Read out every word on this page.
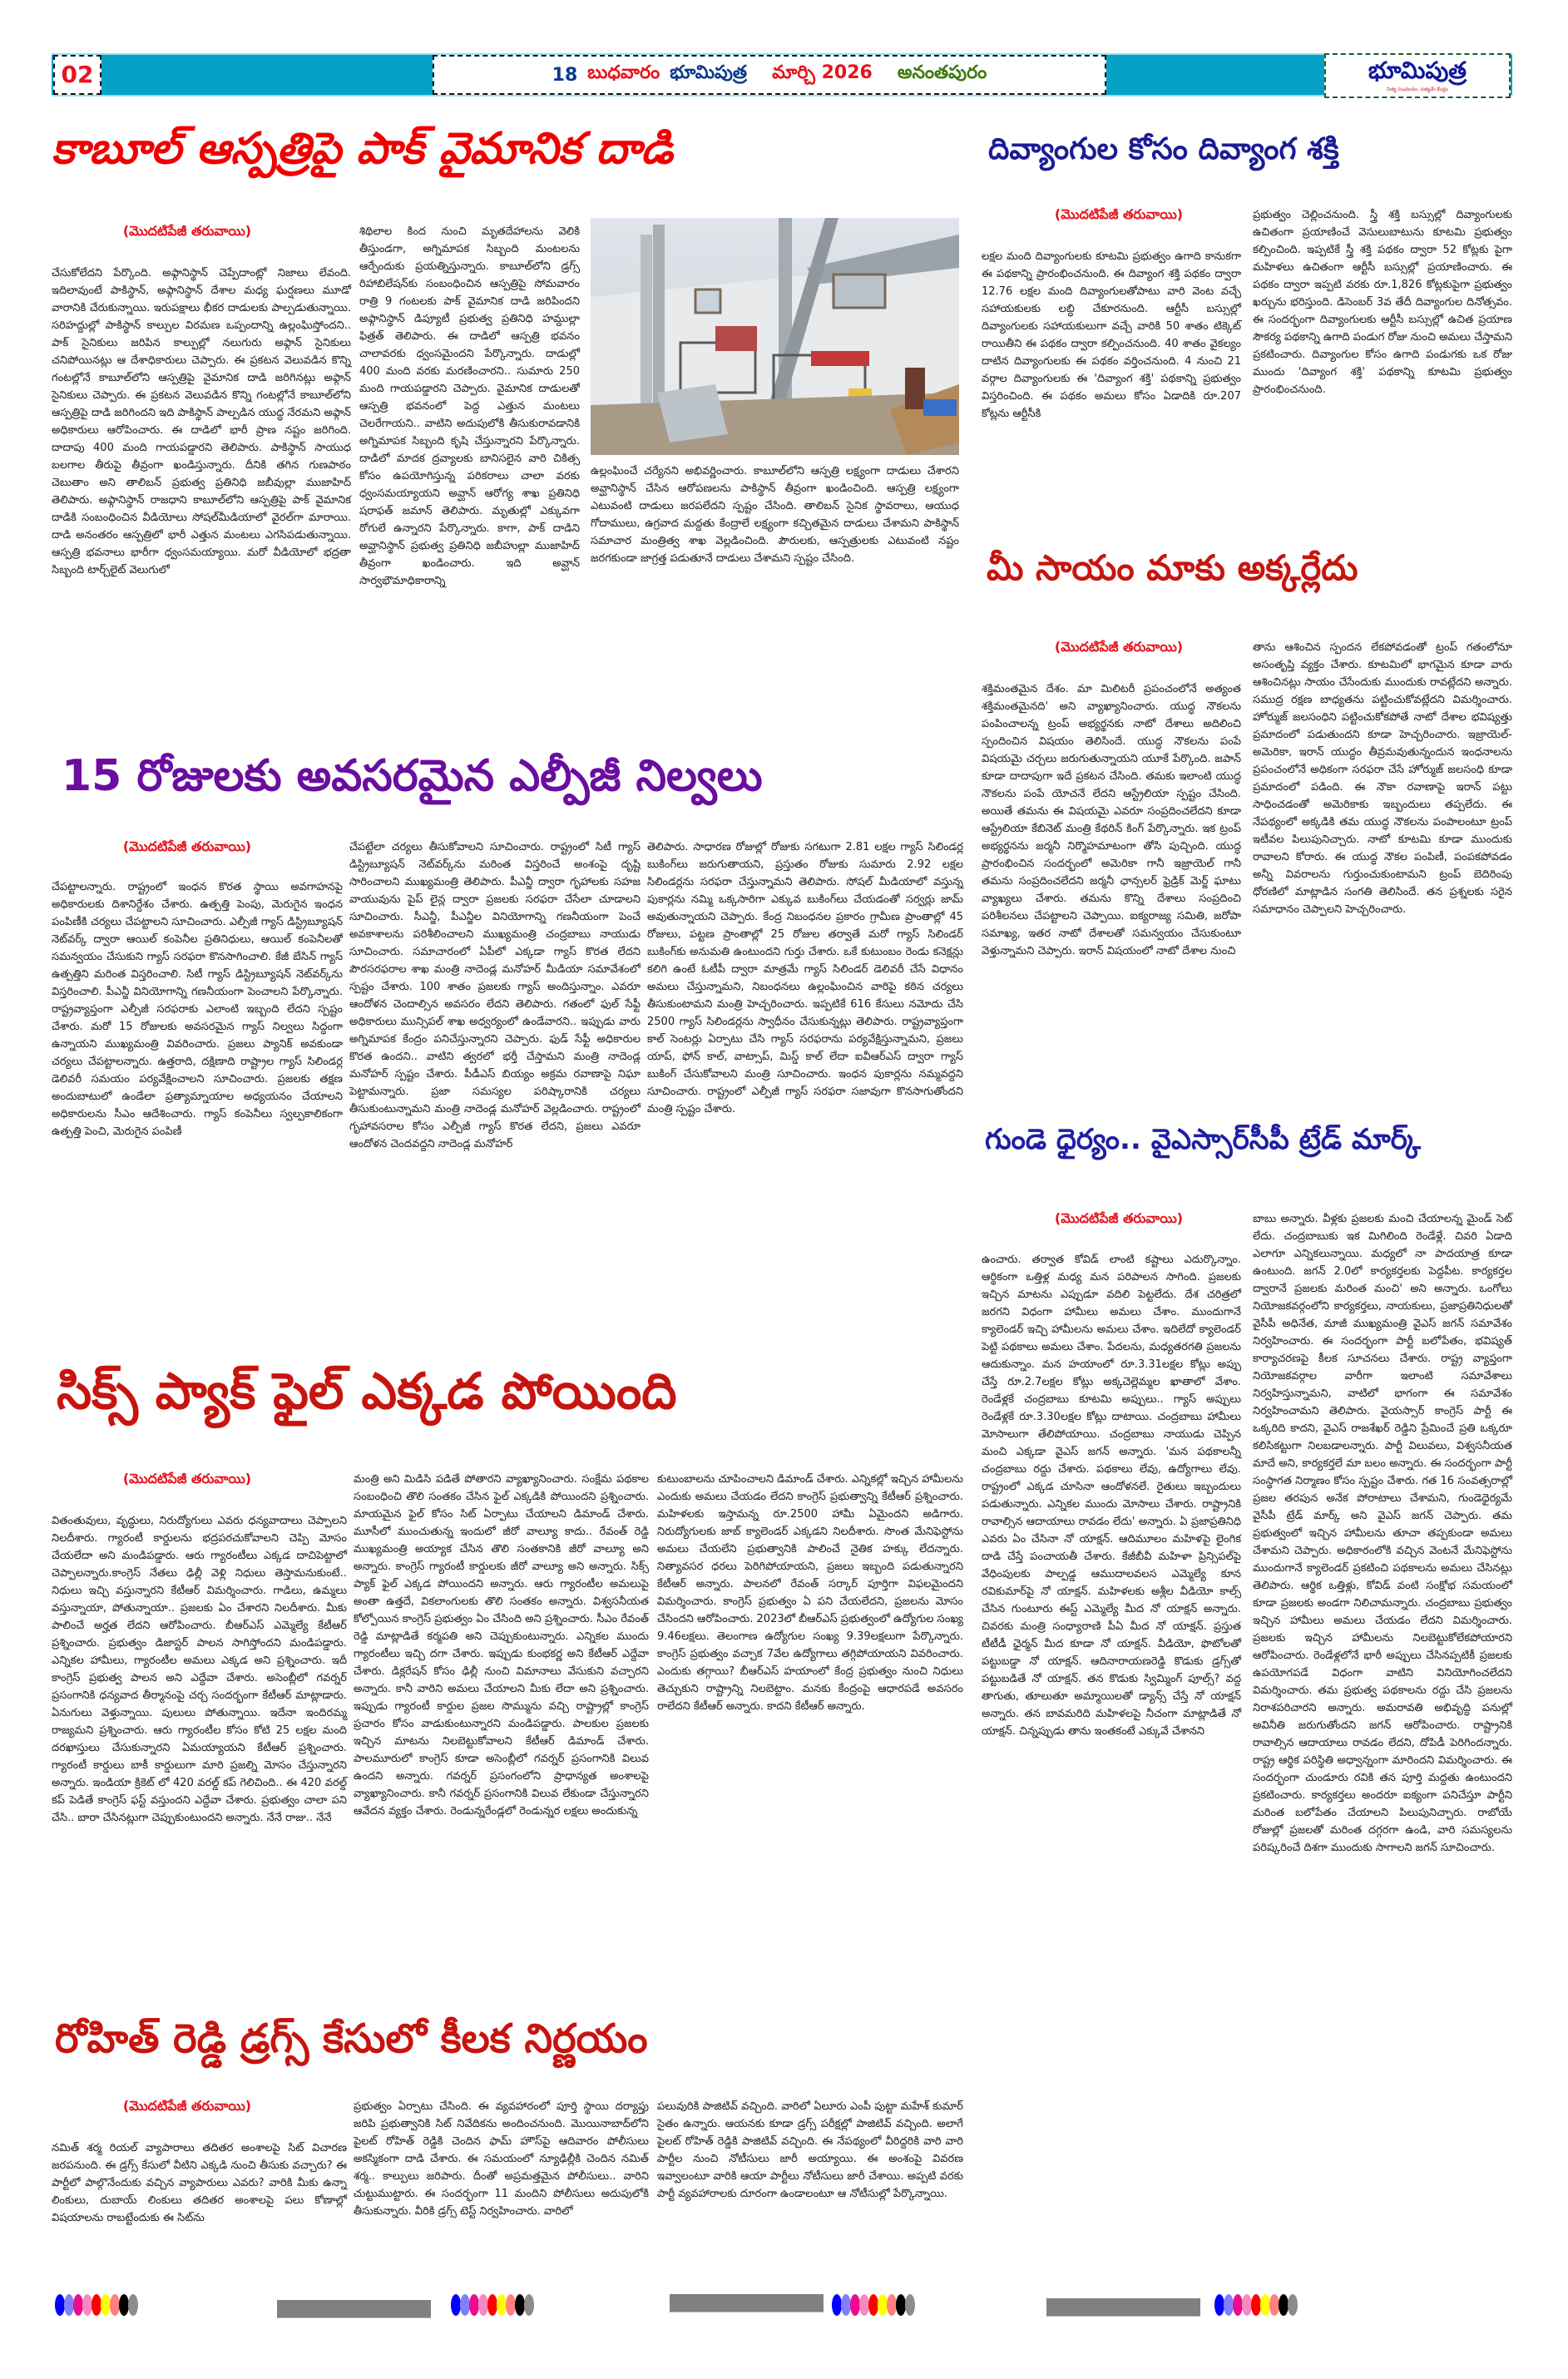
02	18 బుధవారం భూమిపుత్ర మార్చి 2026 అనంతపురం	భూమిపుత్ర
నిత్య సంచలనం, సత్యమే కేంద్రం
కాబూల్ ఆస్పత్రిపై పాక్ వైమానిక దాడి
(మొదటిపేజీ తరువాయి)
చేసుకోలేదని పేర్కొంది. అఫ్గానిస్థాన్ చెప్పేదాంట్లో నిజాలు లేవంది. ఇదిలావుంటే పాకిస్థాన్, అఫ్గానిస్థాన్ దేశాల మధ్య ఘర్షణలు మూడో వారానికి చేరుకున్నాయి. ఇరుపక్షాలు భీకర దాడులకు పాల్పడుతున్నాయి. సరిహద్దుల్లో పాకిస్థాన్ కాల్పుల విరమణ ఒప్పందాన్ని ఉల్లంఘిస్తోందని.. పాక్ సైనికులు జరిపిన కాల్పుల్లో నలుగురు అఫ్గాన్ సైనికులు చనిపోయినట్లు ఆ దేశాధికారులు చెప్పారు. ఈ ప్రకటన వెలువడిన కొన్ని గంటల్లోనే కాబూల్‌లోని ఆస్పత్రిపై వైమానిక దాడి జరిగినట్లు అఫ్గాన్ సైనికులు చెప్పారు. ఈ ప్రకటన వెలువడిన కొన్ని గంటల్లోనే కాబూల్‌లోని ఆస్పత్రిపై దాడి జరిగిందని ఇది పాకిస్థాన్ పాల్పడిన యుద్ధ నేరమని అఫ్గాన్ అధికారులు ఆరోపించారు. ఈ దాడిలో భారీ ప్రాణ నష్టం జరిగింది. దాదాపు 400 మంది గాయపడ్డారని తెలిపారు. పాకిస్థాన్ సాయుధ బలగాల తీరుపై తీవ్రంగా ఖండిస్తున్నారు. దీనికి తగిన గుణపాఠం చెబుతాం అని తాలిబన్ ప్రభుత్వ ప్రతినిధి జబీవుల్లా ముజాహిద్ తెలిపారు. అఫ్గానిస్థాన్ రాజధాని కాబూల్‌లోని ఆస్పత్రిపై పాక్ వైమానిక దాడికి సంబంధించిన వీడియోలు సోషల్‌మీడియాలో వైరల్‌గా మారాయి. దాడి అనంతరం ఆస్పత్రిలో భారీ ఎత్తున మంటలు ఎగసిపడుతున్నాయి. ఆస్పత్రి భవనాలు భారీగా ధ్వంసమయ్యాయి. మరో వీడియోలో భద్రతా సిబ్బంది టార్చ్‌లైట్ వెలుగులో
శిథిలాల కింద నుంచి మృతదేహాలను వెలికి తీస్తుండగా, అగ్నిమాపక సిబ్బంది మంటలను ఆర్పేందుకు ప్రయత్నిస్తున్నారు. కాబూల్‌లోని డ్రగ్స్ రిహాబిలేషన్‌కు సంబంధించిన ఆస్పత్రిపై సోమవారం రాత్రి 9 గంటలకు పాక్ వైమానిక దాడి జరిపిందని అఫ్గానిస్థాన్ డిప్యూటీ ప్రభుత్వ ప్రతినిధి హమ్దుల్లా ఫిత్రత్ తెలిపారు. ఈ దాడిలో ఆస్పత్రి భవనం చాలావరకు ధ్వంసమైందని పేర్కొన్నారు. దాడుల్లో 400 మంది వరకు మరణించారని.. సుమారు 250 మంది గాయపడ్డారని చెప్పారు. వైమానిక దాడులతో ఆస్పత్రి భవనంలో పెద్ద ఎత్తున మంటలు చెలరేగాయని.. వాటిని అదుపులోకి తీసుకురావడానికి అగ్నిమాపక సిబ్బంది కృషి చేస్తున్నారని పేర్కొన్నారు. దాడిలో మాదక ద్రవ్యాలకు బానిసలైన వారి చికిత్స కోసం ఉపయోగిస్తున్న పరికరాలు చాలా వరకు ధ్వంసమయ్యాయని అవ్ఘాన్ ఆరోగ్య శాఖ ప్రతినిధి షరాఫత్ జమాన్ తెలిపారు. మృతుల్లో ఎక్కువగా రోగులే ఉన్నారని పేర్కొన్నారు. కాగా, పాక్ దాడిని అవ్ఘానిస్థాన్ ప్రభుత్వ ప్రతినిధి జబీహుల్లా ముజాహిద్ తీవ్రంగా ఖండించారు. ఇది అవ్ఘాన్ సార్వభౌమాధికారాన్ని
ఉల్లంఘించే చర్యేనని అభివర్ణించారు. కాబూల్‌లోని ఆస్పత్రి లక్ష్యంగా దాడులు చేశారని అవ్ఘానిస్థాన్ చేసిన ఆరోపణలను పాకిస్థాన్ తీవ్రంగా ఖండించింది. ఆస్పత్రి లక్ష్యంగా ఎటువంటి దాడులు జరపలేదని స్పష్టం చేసింది. తాలిబన్ సైనిక స్థావరాలు, ఆయుధ గోదాములు, ఉగ్రవాద మద్దతు కేంద్రాలే లక్ష్యంగా కచ్చితమైన దాడులు చేశామని పాకిస్థాన్ సమాచార మంత్రిత్వ శాఖ వెల్లడించింది. పౌరులకు, ఆస్పత్రులకు ఎటువంటి నష్టం జరగకుండా జాగ్రత్త పడుతూనే దాడులు చేశామని స్పష్టం చేసింది.
దివ్యాంగుల కోసం దివ్యాంగ శక్తి
(మొదటిపేజీ తరువాయి)
లక్షల మంది దివ్యాంగులకు కూటమి ప్రభుత్వం ఉగాది కానుకగా ఈ పథకాన్ని ప్రారంభించనుంది. ఈ దివ్యాంగ శక్తి పథకం ద్వారా 12.76 లక్షల మంది దివ్యాంగులతోపాటు వారి వెంట వచ్చే సహాయకులకు లబ్ధి చేకూరనుంది. ఆర్టీసీ బస్సుల్లో దివ్యాంగులకు సహాయకులుగా వచ్చే వారికి 50 శాతం టిక్కెట్ రాయితీని ఈ పథకం ద్వారా కల్పించనుంది. 40 శాతం వైకల్యం దాటిన దివ్యాంగులకు ఈ పథకం వర్తించనుంది. 4 నుంచి 21 వర్గాల దివ్యాంగులకు ఈ 'దివ్యాంగ శక్తి' పథకాన్ని ప్రభుత్వం విస్తరించింది. ఈ పథకం అమలు కోసం ఏడాదికి రూ.207 కోట్లను ఆర్టీసీకి
ప్రభుత్వం చెల్లించనుంది. స్త్రీ శక్తి బస్సుల్లో దివ్యాంగులకు ఉచితంగా ప్రయాణించే వెసులుబాటును కూటమి ప్రభుత్వం కల్పించింది. ఇప్పటికే స్త్రీ శక్తి పథకం ద్వారా 52 కోట్లకు పైగా మహిళలు ఉచితంగా ఆర్టీసీ బస్సుల్లో ప్రయాణించారు. ఈ పథకం ద్వారా ఇప్పటి వరకు రూ.1,826 కోట్లకుపైగా ప్రభుత్వం ఖర్చును భరిస్తుంది. డిసెంబర్ 3వ తేదీ దివ్యాంగుల దినోత్సవం. ఈ సందర్భంగా దివ్యాంగులకు ఆర్టీసీ బస్సుల్లో ఉచిత ప్రయాణ సౌకర్య పథకాన్ని ఉగాది పండుగ రోజు నుంచి అమలు చేస్తామని ప్రకటించారు. దివ్యాంగుల కోసం ఉగాది పండుగకు ఒక రోజు ముందు 'దివ్యాంగ శక్తి' పథకాన్ని కూటమి ప్రభుత్వం ప్రారంభించనుంది.
మీ సాయం మాకు అక్కర్లేదు
(మొదటిపేజీ తరువాయి)
శక్తిమంతమైన దేశం. మా మిలిటరీ ప్రపంచంలోనే అత్యంత శక్తిమంతమైనది' అని వ్యాఖ్యానించారు. యుద్ధ నౌకలను పంపించాలన్న ట్రంప్ అభ్యర్థనకు నాటో దేశాలు అదిలించి స్పందించిన విషయం తెలిసిందే. యుద్ధ నౌకలను పంపే విషయమై చర్చలు జరుగుతున్నాయని యూకే పేర్కొంది. జపాన్ కూడా దాదాపుగా ఇదే ప్రకటన చేసింది. తమకు ఇలాంటి యుద్ధ నౌకలను పంపే యోచనే లేదని ఆస్ట్రేలియా స్పష్టం చేసింది. అయితే తమను ఈ విషయమై ఎవరూ సంప్రదించలేదని కూడా ఆస్ట్రేలియా కేబినెట్ మంత్రి కేథరిన్ కింగ్ పేర్కొన్నారు. ఇక ట్రంప్ అభ్యర్థనను జర్మనీ నిర్మొహమాటంగా తోసి పుచ్చింది. యుద్ధ ప్రారంభించిన సందర్భంలో అమెరికా గానీ ఇజ్రాయెల్ గానీ తమను సంప్రదించలేదని జర్మనీ ఛాన్సలర్ ఫ్రెడ్రిక్ మెర్జ్ ఘాటు వ్యాఖ్యలు చేశారు. తమను కొన్ని దేశాలు సంప్రదించి పరిశీలనలు చేపట్టాలని చెప్పాయి. ఐక్యరాజ్య సమితి, జరోపా సమాఖ్య, ఇతర నాటో దేశాలతో సమన్వయం చేసుకుంటూ వెళ్తున్నామని చెప్పారు. ఇరాన్ విషయంలో నాటో దేశాల నుంచి
తాను ఆశించిన స్పందన లేకపోవడంతో ట్రంప్ గతంలోనూ అసంతృప్తి వ్యక్తం చేశారు. కూటమిలో భాగమైన కూడా వారు ఆశించినట్లు సాయం చేసేందుకు ముందుకు రావట్లేదని అన్నారు. సముద్ర రక్షణ బాధ్యతను పట్టించుకోవట్లేదని విమర్శించారు. హోర్ముజ్ జలసంధిని పట్టించుకోకపోతే నాటో దేశాల భవిష్యత్తు ప్రమాదంలో పడుతుందని కూడా హెచ్చరించారు. ఇజ్రాయెల్-అమెరికా, ఇరాన్ యుద్ధం తీవ్రమవుతున్నందున ఇంధనాలను ప్రపంచంలోనే అధికంగా సరఫరా చేసే హోర్ముజ్ జలసంధి కూడా ప్రమాదంలో పడింది. ఈ నౌకా రవాణాపై ఇరాన్ పట్టు సాధించడంతో అమెరికాకు ఇబ్బందులు తప్పలేదు. ఈ నేపథ్యంలో అక్కడికి తమ యుద్ధ నౌకలను పంపాలంటూ ట్రంప్ ఇటీవల పిలుపునిచ్చారు. నాటో కూటమి కూడా ముందుకు రావాలని కోరారు. ఈ యుద్ధ నౌకల పంపిణీ, పంపకపోవడం అన్నీ వివరాలను గుర్తుంచుకుంటామని ట్రంప్ బెదిరింపు ధోరణిలో మాట్లాడిన సంగతి తెలిసిందే. తన ప్రశ్నలకు సరైన సమాధానం చెప్పాలని హెచ్చరించారు.
15 రోజులకు అవసరమైన ఎల్పీజీ నిల్వలు
(మొదటిపేజీ తరువాయి)
చేపట్టాలన్నారు. రాష్ట్రంలో ఇంధన కొరత స్థాయి అవగాహనపై అధికారులకు దిశానిర్దేశం చేశారు. ఉత్పత్తి పెంపు, మెరుగైన ఇంధన పంపిణీకి చర్యలు చేపట్టాలని సూచించారు. ఎల్పీజీ గ్యాస్ డిస్ట్రిబ్యూషన్ నెట్‌వర్క్ ద్వారా ఆయిల్ కంపెనీల ప్రతినిధులు, ఆయిల్ కంపెనీలతో సమన్వయం చేసుకుని గ్యాస్ సరఫరా కొనసాగించాలి. కేజీ బేసిన్ గ్యాస్ ఉత్పత్తిని మరింత విస్తరించాలి. సిటీ గ్యాస్ డిస్ట్రిబ్యూషన్ నెట్‌వర్క్‌ను విస్తరించాలి. పీఎన్జీ వినియోగాన్ని గణనీయంగా పెంచాలని పేర్కొన్నారు. రాష్ట్రవ్యాప్తంగా ఎల్పీజీ సరఫరాకు ఎలాంటి ఇబ్బంది లేదని స్పష్టం చేశారు. మరో 15 రోజులకు అవసరమైన గ్యాస్ నిల్వలు సిద్ధంగా ఉన్నాయని ముఖ్యమంత్రి వివరించారు. ప్రజలు ప్యానిక్ అవకుండా చర్యలు చేపట్టాలన్నారు. ఉత్తరాది, దక్షిణాది రాష్ట్రాల గ్యాస్ సిలిండర్ల డెలివరీ సమయం పర్యవేక్షించాలని సూచించారు. ప్రజలకు తక్షణ అందుబాటులో ఉండేలా ప్రత్యామ్నాయాల అధ్యయనం చేయాలని అధికారులను సీఎం ఆదేశించారు. గ్యాస్ కంపెనీలు స్వల్పకాలికంగా ఉత్పత్తి పెంచి, మెరుగైన పంపిణీ
చేపట్టేలా చర్యలు తీసుకోవాలని సూచించారు. రాష్ట్రంలో సిటీ గ్యాస్ డిస్ట్రిబ్యూషన్ నెట్‌వర్క్‌ను మరింత విస్తరించే అంశంపై దృష్టి సారించాలని ముఖ్యమంత్రి తెలిపారు. పీఎన్జీ ద్వారా గృహాలకు సహజ వాయువును పైప్ లైన్ల ద్వారా ప్రజలకు సరఫరా చేసేలా చూడాలని సూచించారు. సీఎన్జీ, పీఎన్జీల వినియోగాన్ని గణనీయంగా పెంచే అవకాశాలను పరిశీలించాలని ముఖ్యమంత్రి చంద్రబాబు నాయుడు సూచించారు. సమాచారంలో ఏపీలో ఎక్కడా గ్యాస్ కొరత లేదని పౌరసరఫరాల శాఖ మంత్రి నాదెండ్ల మనోహర్ మీడియా సమావేశంలో స్పష్టం చేశారు. 100 శాతం ప్రజలకు గ్యాస్ అందిస్తున్నాం. ఎవరూ ఆందోళన చెందాల్సిన అవసరం లేదని తెలిపారు. గతంలో ఫుల్ సేఫ్టీ అధికారులు మున్సిపల్ శాఖ అధ్వర్యంలో ఉండేవారని.. ఇప్పుడు వారు అగ్నిమాపక కేంద్రం పనిచేస్తున్నారని చెప్పారు. ఫుడ్ సేఫ్టీ అధికారుల కొరత ఉందని.. వాటిని త్వరలో భర్తీ చేస్తామని మంత్రి నాదెండ్ల మనోహర్ స్పష్టం చేశారు. పీడీఎస్ బియ్యం అక్రమ రవాణాపై నిఘా పెట్టామన్నారు. ప్రజా సమస్యల పరిష్కారానికి చర్యలు తీసుకుంటున్నామని మంత్రి నాదెండ్ల మనోహర్ వెల్లడించారు. రాష్ట్రంలో గృహావసరాల కోసం ఎల్పీజీ గ్యాస్ కొరత లేదని, ప్రజలు ఎవరూ ఆందోళన చెందవద్దని నాదెండ్ల మనోహర్
తెలిపారు. సాధారణ రోజుల్లో రోజుకు సగటుగా 2.81 లక్షల గ్యాస్ సిలిండర్ల బుకింగ్‌లు జరుగుతాయని, ప్రస్తుతం రోజుకు సుమారు 2.92 లక్షల సిలిండర్లను సరఫరా చేస్తున్నామని తెలిపారు. సోషల్ మీడియాలో వస్తున్న పుకార్లను నమ్మి ఒక్కసారిగా ఎక్కువ బుకింగ్‌లు చేయడంతో సర్వర్లు జామ్ అవుతున్నాయని చెప్పారు. కేంద్ర నిబంధనల ప్రకారం గ్రామీణ ప్రాంతాల్లో 45 రోజులు, పట్టణ ప్రాంతాల్లో 25 రోజుల తర్వాతే మరో గ్యాస్ సిలిండర్ బుకింగ్‌కు అనుమతి ఉంటుందని గుర్తు చేశారు. ఒకే కుటుంబం రెండు కనెక్షన్లు కలిగి ఉంటే ఓటీపీ ద్వారా మాత్రమే గ్యాస్ సిలిండర్ డెలివరీ చేసే విధానం అమలు చేస్తున్నామని, నిబంధనలు ఉల్లంఘించిన వారిపై కఠిన చర్యలు తీసుకుంటామని మంత్రి హెచ్చరించారు. ఇప్పటికే 616 కేసులు నమోదు చేసి 2500 గ్యాస్ సిలిండర్లను స్వాధీనం చేసుకున్నట్లు తెలిపారు. రాష్ట్రవ్యాప్తంగా కాల్ సెంటర్లు ఏర్పాటు చేసి గ్యాస్ సరఫరాను పర్యవేక్షిస్తున్నామని, ప్రజలు యాప్, ఫోన్ కాల్, వాట్సాప్, మిస్డ్ కాల్ లేదా ఐవీఆర్ఎస్ ద్వారా గ్యాస్ బుకింగ్ చేసుకోవాలని మంత్రి సూచించారు. ఇంధన పుకార్లను నమ్మవద్దని సూచించారు. రాష్ట్రంలో ఎల్పీజీ గ్యాస్ సరఫరా సజావుగా కొనసాగుతోందని మంత్రి స్పష్టం చేశారు.
గుండె ధైర్యం.. వైఎస్సార్‌సీపీ ట్రేడ్ మార్క్
(మొదటిపేజీ తరువాయి)
ఉంచారు. తర్వాత కోవిడ్ లాంటి కష్టాలు ఎదుర్కొన్నాం. ఆర్థికంగా ఒత్తిళ్ల మధ్య మన పరిపాలన సాగింది. ప్రజలకు ఇచ్చిన మాటను ఎప్పుడూ వదిలి పెట్టలేదు. దేశ చరిత్రలో జరగని విధంగా హామీలు అమలు చేశాం. ముందుగానే క్యాలెండర్ ఇచ్చి హామీలను అమలు చేశాం. ఇదిలేదో క్యాలెండర్ పెట్టి పథకాలు అమలు చేశాం. పేదలను, మధ్యతరగతి ప్రజలను ఆదుకున్నాం. మన హయాంలో రూ.3.31లక్షల కోట్లు అప్పు చేస్తే రూ.2.7లక్షల కోట్లు అక్కచెల్లెమ్మల ఖాతాలో వేశాం. రెండేళ్లకే చంద్రబాబు కూటమి అప్పులు.. గ్యాస్ అప్పులు రెండేళ్లకే రూ.3.30లక్షల కోట్లు దాటాయి. చంద్రబాబు హామీలు మోసాలుగా తేలిపోయాయి. చంద్రబాబు నాయుడు చెప్పిన మంచి ఎక్కడా వైఎస్ జగన్ అన్నారు. 'మన పథకాలన్నీ చంద్రబాబు రద్దు చేశారు. పథకాలు లేవు, ఉద్యోగాలు లేవు. రాష్ట్రంలో ఎక్కడ చూసినా ఆందోళనలే. రైతులు ఇబ్బందులు పడుతున్నారు. ఎన్నికల ముందు మోసాలు చేశారు. రాష్ట్రానికి రావాల్సిన ఆదాయాలు రావడం లేదు' అన్నారు. ఏ ప్రజాప్రతినిధి ఎవరు ఏం చేసినా నో యాక్షన్. ఆదిమూలం మహిళపై లైంగిక దాడి చేస్తే పంచాయతీ చేశారు. కేజీబీవీ మహిళా ప్రిన్సిపల్‌పై వేధింపులకు పాల్పడ్డ ఆముదాలవలస ఎమ్మెల్యే కూన రవికుమార్‌పై నో యాక్షన్. మహిళలకు అశ్లీల వీడియో కాల్స్ చేసిన గుంటూరు ఈస్ట్ ఎమ్మెల్యే మీద నో యాక్షన్ అన్నారు. చివరకు మంత్రి సంధ్యారాణి పీఏ మీద నో యాక్షన్. ప్రస్తుత టీటీడీ ఛైర్మన్ మీద కూడా నో యాక్షన్. వీడియో, ఫొటోలతో పట్టుబడ్డా నో యాక్షన్. ఆదినారాయణరెడ్డి కొడుకు డ్రగ్స్‌తో పట్టుబడితే నో యాక్షన్. తన కొడుకు స్విమ్మింగ్ పూల్స్? వద్ద తాగుతు, తూలుతూ అమ్మాయిలతో డ్యాన్స్ చేస్తే నో యాక్షన్ అన్నారు. తన బావమరిది మహిళలపై నీచంగా మాట్లాడితే నో యాక్షన్. చిన్నప్పుడు తాను ఇంతకంటే ఎక్కువే చేశానని
బాబు అన్నారు. వీళ్లకు ప్రజలకు మంచి చేయాలన్న మైండ్ సెట్ లేదు. చంద్రబాబుకు ఇక మిగిలింది రెండేళ్లే. చివరి ఏడాది ఎలాగూ ఎన్నికలున్నాయి. మధ్యలో నా పాదయాత్ర కూడా ఉంటుంది. జగన్ 2.0లో కార్యకర్తలకు పెద్దపీట. కార్యకర్తల ద్వారానే ప్రజలకు మరింత మంచి' అని అన్నారు. ఒంగోలు నియోజకవర్గంలోని కార్యకర్తలు, నాయకులు, ప్రజాప్రతినిధులతో వైసీపీ అధినేత, మాజీ ముఖ్యమంత్రి వైఎస్ జగన్ సమావేశం నిర్వహించారు. ఈ సందర్భంగా పార్టీ బలోపేతం, భవిష్యత్ కార్యాచరణపై కీలక సూచనలు చేశారు. రాష్ట్ర వ్యాప్తంగా నియోజకవర్గాల వారీగా ఇలాంటి సమావేశాలు నిర్వహిస్తున్నామని, వాటిలో భాగంగా ఈ సమావేశం నిర్వహించామని తెలిపారు. వైయస్సార్ కాంగ్రెస్ పార్టీ ఈ ఒక్కరిది కాదని, వైఎస్ రాజశేఖర్ రెడ్డిని ప్రేమించే ప్రతి ఒక్కరూ కలిసికట్టుగా నిలబడాలన్నారు. పార్టీ విలువలు, విశ్వసనీయత మాదే అని, కార్యకర్తలే మా బలం అన్నారు. ఈ సందర్భంగా పార్టీ సంస్థాగత నిర్మాణం కోసం స్పష్టం చేశారు. గత 16 సంవత్సరాల్లో ప్రజల తరపున అనేక పోరాటాలు చేశామని, గుండెధైర్యమే వైసీపీ ట్రేడ్ మార్క్ అని వైఎస్ జగన్ చెప్పారు. తమ ప్రభుత్వంలో ఇచ్చిన హామీలను తూచా తప్పకుండా అమలు చేశామని చెప్పారు. అధికారంలోకి వచ్చిన వెంటనే మేనిఫెస్టోను ముందుగానే క్యాలెండర్ ప్రకటించి పథకాలను అమలు చేసినట్లు తెలిపారు. ఆర్థిక ఒత్తిళ్లు, కోవిడ్ వంటి సంక్షోభ సమయంలో కూడా ప్రజలకు అండగా నిలిచామన్నారు. చంద్రబాబు ప్రభుత్వం ఇచ్చిన హామీలు అమలు చేయడం లేదని విమర్శించారు. ప్రజలకు ఇచ్చిన హామీలను నిలబెట్టుకోలేకపోయారని ఆరోపించారు. రెండేళ్లలోనే భారీ అప్పులు చేసినప్పటికీ ప్రజలకు ఉపయోగపడే విధంగా వాటిని వినియోగించలేదని విమర్శించారు. తమ ప్రభుత్వ పథకాలను రద్దు చేసి ప్రజలను నిరాశపరిచారని అన్నారు. అమరావతి అభివృద్ధి పనుల్లో అవినీతి జరుగుతోందని జగన్ ఆరోపించారు. రాష్ట్రానికి రావాల్సిన ఆదాయాలు రావడం లేదని, దోపిడీ పెరిగిందన్నారు. రాష్ట్ర ఆర్థిక పరిస్థితి అధ్వాన్నంగా మారిందని విమర్శించారు. ఈ సందర్భంగా చుండూరు రవికి తన పూర్తి మద్దతు ఉంటుందని ప్రకటించారు. కార్యకర్తలు అందరూ ఐక్యంగా పనిచేస్తూ పార్టీని మరింత బలోపేతం చేయాలని పిలుపునిచ్చారు. రాబోయే రోజుల్లో ప్రజలతో మరింత దగ్గరగా ఉండి, వారి సమస్యలను పరిష్కరించే దిశగా ముందుకు సాగాలని జగన్ సూచించారు.
సిక్స్ ప్యాక్ ఫైల్ ఎక్కడ పోయింది
(మొదటిపేజీ తరువాయి)
వితంతువులు, వృద్ధులు, నిరుద్యోగులు ఎవరు ధన్యవాదాలు చెప్పాలని నిలదీశారు. గ్యారంటీ కార్డులను భద్రపరచుకోవాలని చెప్పి మోసం చేయలేదా అని మండిపడ్డారు. ఆరు గ్యారంటీలు ఎక్కడ దాచిపెట్టాలో చెప్పాలన్నారు.కాంగ్రెస్ నేతలు ఢిల్లీ వెళ్లి నిధులు తెస్తామనుకుంటే.. నిధులు ఇచ్చి వస్తున్నారని కేటీఆర్ విమర్శించారు. గాడిలు, ఉమ్మలు వస్తున్నాయా, పోతున్నాయా.. ప్రజలకు ఏం చేశారని నిలదీశారు. మీకు పాలించే అర్హత లేదని ఆరోపించారు. బీఆర్ఎస్ ఎమ్మెల్యే కేటీఆర్ ప్రశ్నించారు. ప్రభుత్వం డిజాస్టర్ పాలన సాగిస్తోందని మండిపడ్డారు. ఎన్నికల హామీలు, గ్యారంటీల అమలు ఎక్కడ అని ప్రశ్నించారు. ఇదీ కాంగ్రెస్ ప్రభుత్వ పాలన అని ఎద్దేవా చేశారు. అసెంబ్లీలో గవర్నర్ ప్రసంగానికి ధన్యవాద తీర్మానంపై చర్చ సందర్భంగా కేటీఆర్ మాట్లాడారు. ఏనుగులు వెళ్తున్నాయి. పులులు పోతున్నాయి. ఇదేనా ఇందిరమ్మ రాజ్యమని ప్రశ్నించారు. ఆరు గ్యారంటీల కోసం కోటి 25 లక్షల మంది దరఖాస్తులు చేసుకున్నారని ఏమయ్యాయని కేటీఆర్ ప్రశ్నించారు. గ్యారంటీ కార్డులు బాకీ కార్డులుగా మారి ప్రజల్ని మోసం చేస్తున్నారని అన్నారు. ఇండియా క్రికెట్ లో 420 వరల్డ్ కప్ గెలిచింది.. ఈ 420 వరల్డ్ కప్ పెడితే కాంగ్రెస్ ఫస్ట్ వస్తుందని ఎద్దేవా చేశారు. ప్రభుత్వం చాలా పని చేసి.. బారా చేసినట్లుగా చెప్పుకుంటుందని అన్నారు. నేనే రాజు.. నేనే
మంత్రి అని మిడిసి పడితే పోతారని వ్యాఖ్యానించారు. సంక్షేమ పథకాల సంబంధించి తొలి సంతకం చేసిన ఫైల్ ఎక్కడికి పోయిందని ప్రశ్నించారు. మాయమైన ఫైల్ కోసం సిట్ ఏర్పాటు చేయాలని డిమాండ్ చేశారు. మూసీలో ముంచుతున్న ఇందులో జీరో వాల్యూ కాదు.. రేవంత్ రెడ్డి ముఖ్యమంత్రి అయ్యాక చేసిన తొలి సంతకానికి జీరో వాల్యూ అని అన్నారు. కాంగ్రెస్ గ్యారంటీ కార్డులకు జీరో వాల్యూ అని అన్నారు. సిక్స్ ప్యాక్ ఫైల్ ఎక్కడ పోయిందని అన్నారు. ఆరు గ్యారంటీల అమలుపై అంతా ఉత్తదే, వికలాంగులకు తొలి సంతకం అన్నారు. విశ్వసనీయత కోల్పోయిన కాంగ్రెస్ ప్రభుత్వం ఏం చేసింది అని ప్రశ్నించారు. సీఎం రేవంత్ రెడ్డి మాట్లాడితే కర్మపతి అని చెప్పుకుంటున్నారు. ఎన్నికల ముందు గ్యారంటీలు ఇచ్చి దగా చేశారు. ఇప్పుడు కుంభకర్ణ అని కేటీఆర్ ఎద్దేవా చేశారు. డిక్లరేషన్ కోసం ఢిల్లీ నుంచి విమానాలు వేసుకుని వచ్చారని అన్నారు. కానీ వారిని అమలు చేయాలని మీకు లేదా అని ప్రశ్నించారు. ఇప్పుడు గ్యారంటీ కార్డుల ప్రజల సొమ్మును వచ్చి రాష్ట్రాల్లో కాంగ్రెస్ ప్రచారం కోసం వాడుకుంటున్నారని మండిపడ్డారు. పాలకుల ప్రజలకు ఇచ్చిన మాటను నిలబెట్టుకోవాలని కేటీఆర్ డిమాండ్ చేశారు. పాలమూరులో కాంగ్రెస్ కూడా అసెంబ్లీలో గవర్నర్ ప్రసంగానికి విలువ ఉందని అన్నారు. గవర్నర్ ప్రసంగంలోని ప్రాధాన్యత అంశాలపై వ్యాఖ్యానించారు. కానీ గవర్నర్ ప్రసంగానికి విలువ లేకుండా చేస్తున్నారని ఆవేదన వ్యక్తం చేశారు. రెండున్నరేండ్లలో రెండున్నర లక్షలు అందుకున్న
కుటుంబాలను చూపించాలని డిమాండ్ చేశారు. ఎన్నికల్లో ఇచ్చిన హామీలను ఎందుకు అమలు చేయడం లేదని కాంగ్రెస్ ప్రభుత్వాన్ని కేటీఆర్ ప్రశ్నించారు. మహిళలకు ఇస్తామన్న రూ.2500 హామీ ఏమైందని అడిగారు. నిరుద్యోగులకు జాబ్ క్యాలెండర్ ఎక్కడని నిలదీశారు. సొంత మేనిఫెస్టోను అమలు చేయలేని ప్రభుత్వానికి పాలించే నైతిక హక్కు లేదన్నారు. నిత్యావసర ధరలు పెరిగిపోయాయని, ప్రజలు ఇబ్బంది పడుతున్నారని కేటీఆర్ అన్నారు. పాలనలో రేవంత్ సర్కార్ పూర్తిగా విఫలమైందని విమర్శించారు. కాంగ్రెస్ ప్రభుత్వం ఏ పని చేయలేదని, ప్రజలను మోసం చేసిందని ఆరోపించారు. 2023లో బీఆర్ఎస్ ప్రభుత్వంలో ఉద్యోగుల సంఖ్య 9.46లక్షలు. తెలంగాణ ఉద్యోగుల సంఖ్య 9.39లక్షలుగా పేర్కొన్నారు. కాంగ్రెస్ ప్రభుత్వం వచ్చాక 7వేల ఉద్యోగాలు తగ్గిపోయాయని వివరించారు. ఎందుకు తగ్గాయి? బీఆర్ఎస్ హయాంలో కేంద్ర ప్రభుత్వం నుంచి నిధులు తెచ్చుకుని రాష్ట్రాన్ని నిలబెట్టాం. మనకు కేంద్రంపై ఆధారపడే అవసరం రాలేదని కేటీఆర్ అన్నారు. కాదని కేటీఆర్ అన్నారు.
రోహిత్ రెడ్డి డ్రగ్స్ కేసులో కీలక నిర్ణయం
(మొదటిపేజీ తరువాయి)
నమిత్ శర్మ రియల్ వ్యాపారాలు తదితర అంశాలపై సిట్ విచారణ జరపనుంది. ఈ డ్రగ్స్ కేసులో వీటిని ఎక్కడి నుంచి తీసుకు వచ్చారు? ఈ పార్టీలో పాల్గొనేందుకు వచ్చిన వ్యాపారులు ఎవరు? వారికి మీకు ఉన్నా లింకులు, దుబాయ్ లింకులు తదితర అంశాలపై పలు కోణాల్లో విషయాలను రాబట్టేందుకు ఈ సిట్‌ను
ప్రభుత్వం ఏర్పాటు చేసింది. ఈ వ్యవహారంలో పూర్తి స్థాయి దర్యాప్తు జరిపి ప్రభుత్వానికి సిట్ నివేదికను అందించనుంది. మొయినాబాద్‌లోని పైలట్ రోహిత్ రెడ్డికి చెందిన ఫామ్ హౌస్‌పై ఆదివారం పోలీసులు అకస్మికంగా దాడి చేశారు. ఈ సమయంలో న్యూఢిల్లీకి చెందిన నమిత్ శర్మ.. కాల్పులు జరిపారు. దీంతో అప్రమత్తమైన పోలీసులు.. వారిని చుట్టుముట్టారు. ఈ సందర్భంగా 11 మందిని పోలీసులు అదుపులోకి తీసుకున్నారు. వీరికి డ్రగ్స్ టెస్ట్ నిర్వహించారు. వారిలో
పలువురికి పాజిటివ్ వచ్చింది. వారిలో ఏలూరు ఎంపీ పుట్టా మహేశ్ కుమార్ సైతం ఉన్నారు. ఆయనకు కూడా డ్రగ్స్ పరీక్షల్లో పాజిటివ్ వచ్చింది. అలాగే పైలట్ రోహిత్ రెడ్డికి పాజిటివ్ వచ్చింది. ఈ నేపథ్యంలో వీరిద్దరికి వారి వారి పార్టీల నుంచి నోటీసులు జారీ అయ్యాయి. ఈ అంశంపై వివరణ ఇవ్వాలంటూ వారికి ఆయా పార్టీలు నోటీసులు జారీ చేశాయి. అప్పటి వరకు పార్టీ వ్యవహారాలకు దూరంగా ఉండాలంటూ ఆ నోటీసుల్లో పేర్కొన్నాయి.
